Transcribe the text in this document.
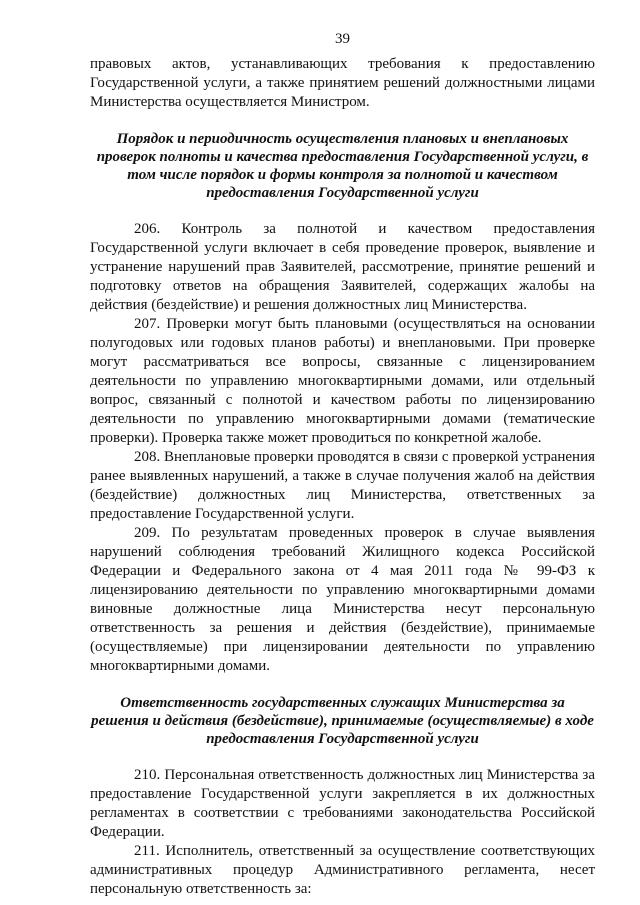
39

правовых актов, устанавливающих требования к предоставлению Государственной услуги, а также принятием решений должностными лицами Министерства осуществляется Министром.

Порядок и периодичность осуществления плановых и внеплановых проверок полноты и качества предоставления Государственной услуги, в том числе порядок и формы контроля за полнотой и качеством предоставления Государственной услуги

206. Контроль за полнотой и качеством предоставления Государственной услуги включает в себя проведение проверок, выявление и устранение нарушений прав Заявителей, рассмотрение, принятие решений и подготовку ответов на обращения Заявителей, содержащих жалобы на действия (бездействие) и решения должностных лиц Министерства.

207. Проверки могут быть плановыми (осуществляться на основании полугодовых или годовых планов работы) и внеплановыми. При проверке могут рассматриваться все вопросы, связанные с лицензированием деятельности по управлению многоквартирными домами, или отдельный вопрос, связанный с полнотой и качеством работы по лицензированию деятельности по управлению многоквартирными домами (тематические проверки). Проверка также может проводиться по конкретной жалобе.

208. Внеплановые проверки проводятся в связи с проверкой устранения ранее выявленных нарушений, а также в случае получения жалоб на действия (бездействие) должностных лиц Министерства, ответственных за предоставление Государственной услуги.

209. По результатам проведенных проверок в случае выявления нарушений соблюдения требований Жилищного кодекса Российской Федерации и Федерального закона от 4 мая 2011 года № 99-ФЗ к лицензированию деятельности по управлению многоквартирными домами виновные должностные лица Министерства несут персональную ответственность за решения и действия (бездействие), принимаемые (осуществляемые) при лицензировании деятельности по управлению многоквартирными домами.

Ответственность государственных служащих Министерства за решения и действия (бездействие), принимаемые (осуществляемые) в ходе предоставления Государственной услуги

210. Персональная ответственность должностных лиц Министерства за предоставление Государственной услуги закрепляется в их должностных регламентах в соответствии с требованиями законодательства Российской Федерации.

211. Исполнитель, ответственный за осуществление соответствующих административных процедур Административного регламента, несет персональную ответственность за:
